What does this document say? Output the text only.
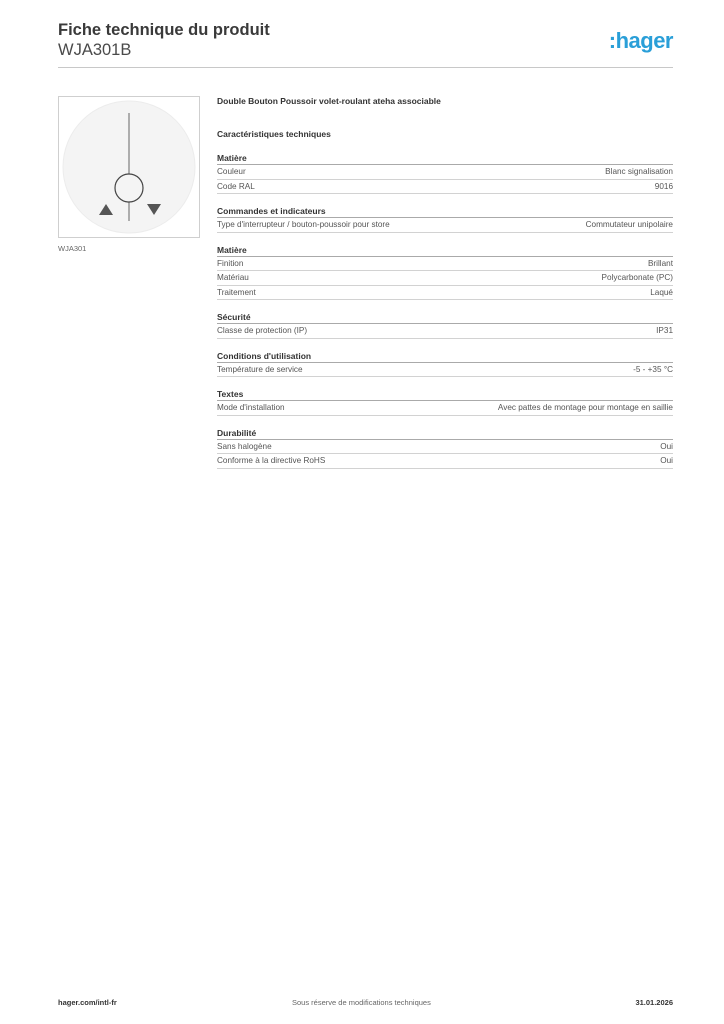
Fiche technique du produit
WJA301B	:hager
WJA301
Double Bouton Poussoir volet-roulant ateha associable
Caractéristiques techniques
Matière
Couleur	Blanc signalisation
Code RAL	9016
Commandes et indicateurs
Type d'interrupteur / bouton-poussoir pour store	Commutateur unipolaire
Matière
Finition	Brillant
Matériau	Polycarbonate (PC)
Traitement	Laqué
Sécurité
Classe de protection (IP)	IP31
Conditions d'utilisation
Température de service	-5 - +35 °C
Textes
Mode d'installation	Avec pattes de montage pour montage en saillie
Durabilité
Sans halogène	Oui
Conforme à la directive RoHS	Oui
hager.com/intl-fr	Sous réserve de modifications techniques	31.01.2026
